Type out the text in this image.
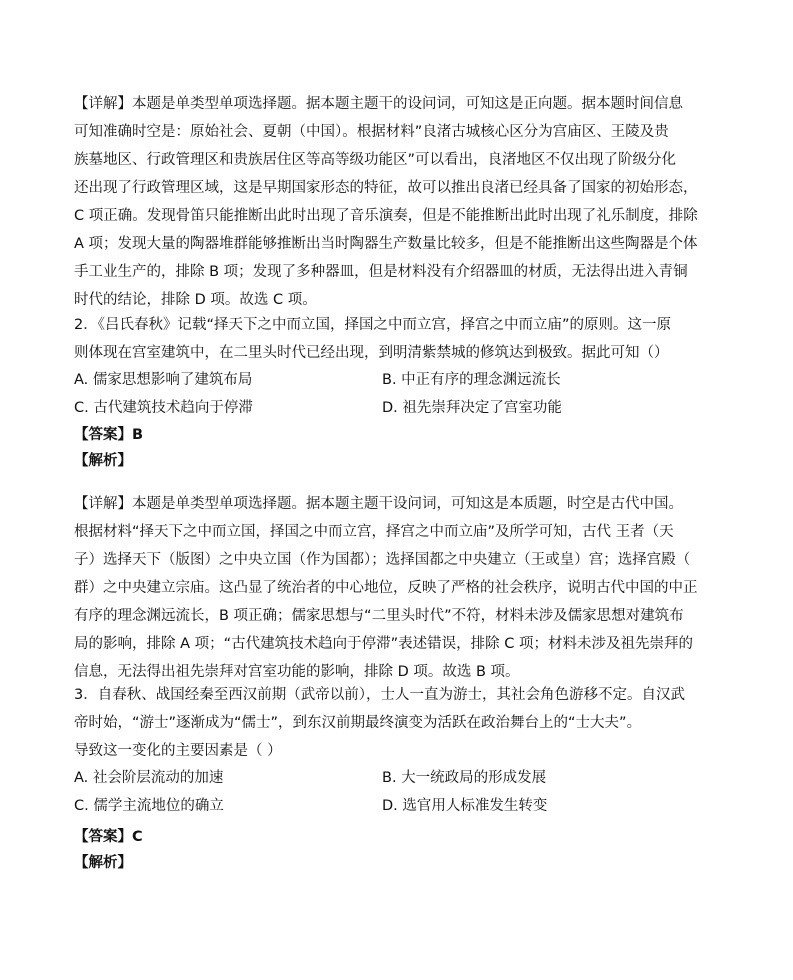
【详解】本题是单类型单项选择题。据本题主题干的设问词，可知这是正向题。据本题时间信息
可知准确时空是：原始社会、夏朝（中国）。根据材料”良渚古城核心区分为宫庙区、王陵及贵
族墓地区、行政管理区和贵族居住区等高等级功能区”可以看出，良渚地区不仅出现了阶级分化
还出现了行政管理区域，这是早期国家形态的特征，故可以推出良渚已经具备了国家的初始形态，
C 项正确。发现骨笛只能推断出此时出现了音乐演奏，但是不能推断出此时出现了礼乐制度，排除
A 项；发现大量的陶器堆群能够推断出当时陶器生产数量比较多，但是不能推断出这些陶器是个体
手工业生产的，排除 B 项；发现了多种器皿，但是材料没有介绍器皿的材质，无法得出进入青铜
时代的结论，排除 D 项。故选 C 项。
2．《吕氏春秋》记载“择天下之中而立国，择国之中而立宫，择宫之中而立庙”的原则。这一原
则体现在宫室建筑中，在二里头时代已经出现，到明清紫禁城的修筑达到极致。据此可知（）
A. 儒家思想影响了建筑布局	B. 中正有序的理念渊远流长
C. 古代建筑技术趋向于停滞	D. 祖先崇拜决定了宫室功能
【答案】B
【解析】
【详解】本题是单类型单项选择题。据本题主题干设问词，可知这是本质题，时空是古代中国。
根据材料“择天下之中而立国，择国之中而立宫，择宫之中而立庙”及所学可知，古代 王者（天
子）选择天下（版图）之中央立国（作为国都）；选择国都之中央建立（王或皇）宫；选择宫殿（
群）之中央建立宗庙。这凸显了统治者的中心地位，反映了严格的社会秩序，说明古代中国的中正
有序的理念渊远流长，B 项正确；儒家思想与“二里头时代”不符，材料未涉及儒家思想对建筑布
局的影响，排除 A 项；“古代建筑技术趋向于停滞”表述错误，排除 C 项；材料未涉及祖先崇拜的
信息，无法得出祖先崇拜对宫室功能的影响，排除 D 项。故选 B 项。
3．自春秋、战国经秦至西汉前期（武帝以前），士人一直为游士，其社会角色游移不定。自汉武
帝时始，“游士”逐渐成为“儒士”，到东汉前期最终演变为活跃在政治舞台上的“士大夫”。
导致这一变化的主要因素是（ ）
A. 社会阶层流动的加速	B. 大一统政局的形成发展
C. 儒学主流地位的确立	D. 选官用人标准发生转变
【答案】C
【解析】
